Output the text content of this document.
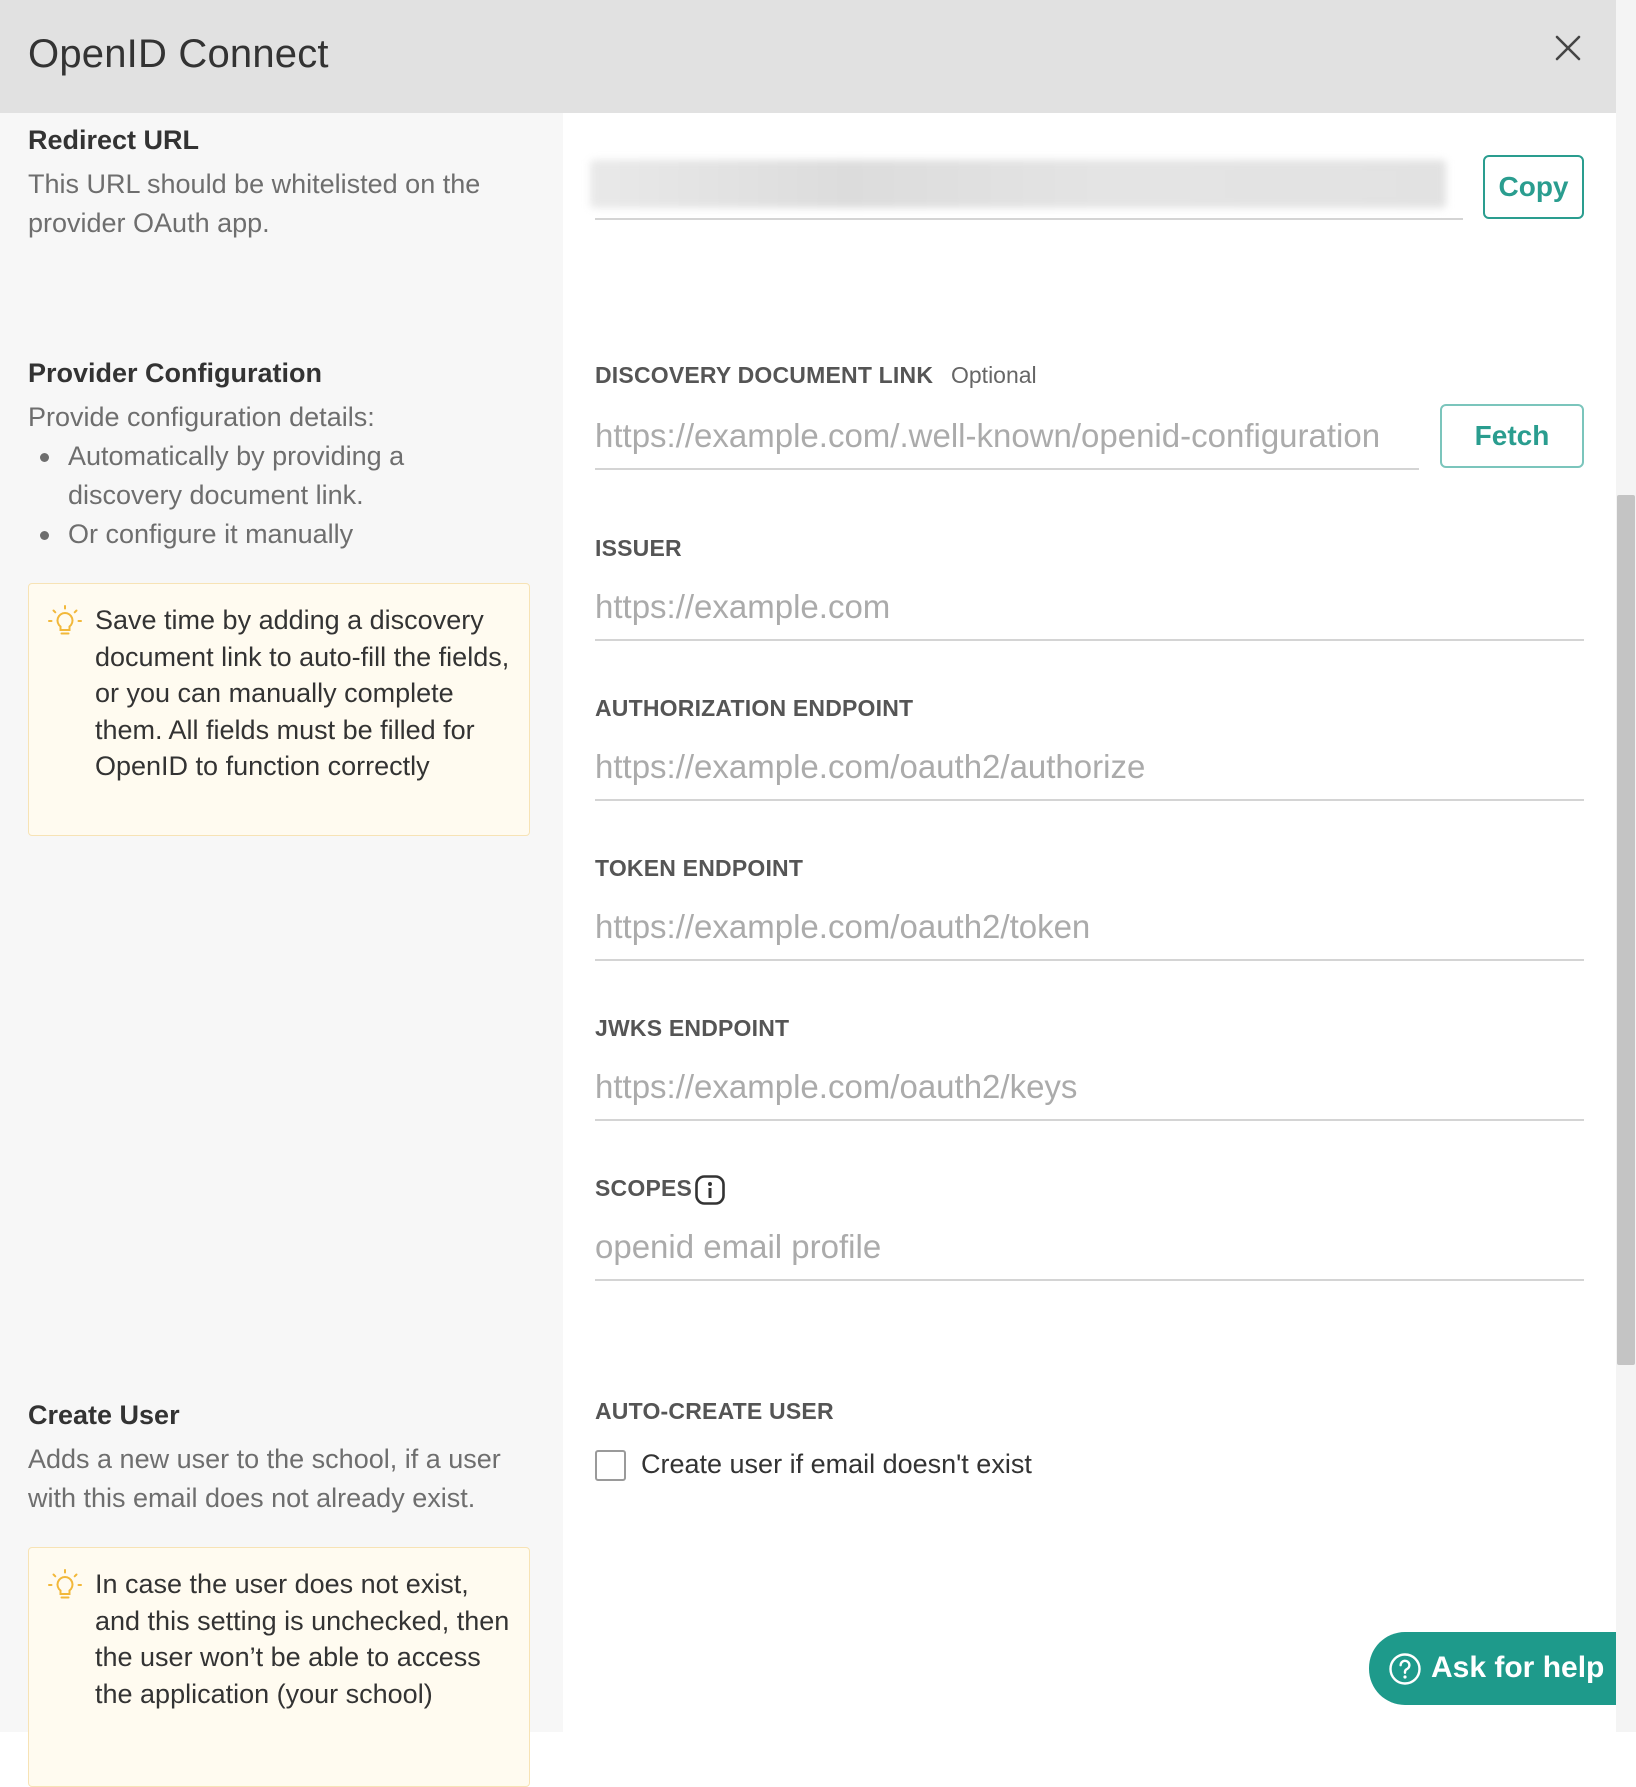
OpenID Connect
Redirect URL

This URL should be whitelisted on the provider OAuth app.

Copy
Provider Configuration

Provide configuration details:

Automatically by providing a discovery document link.
Or configure it manually

Save time by adding a discovery document link to auto-fill the fields, or you can manually complete them. All fields must be filled for OpenID to function correctly

DISCOVERY DOCUMENT LINK Optional
https://example.com/.well-known/openid-configuration
Fetch
ISSUER
https://example.com
AUTHORIZATION ENDPOINT
https://example.com/oauth2/authorize
TOKEN ENDPOINT
https://example.com/oauth2/token
JWKS ENDPOINT
https://example.com/oauth2/keys
SCOPES
openid email profile
Create User

Adds a new user to the school, if a user with this email does not already exist.

In case the user does not exist, and this setting is unchecked, then the user won’t be able to access the application (your school)

AUTO-CREATE USER
Create user if email doesn't exist
Ask for help
